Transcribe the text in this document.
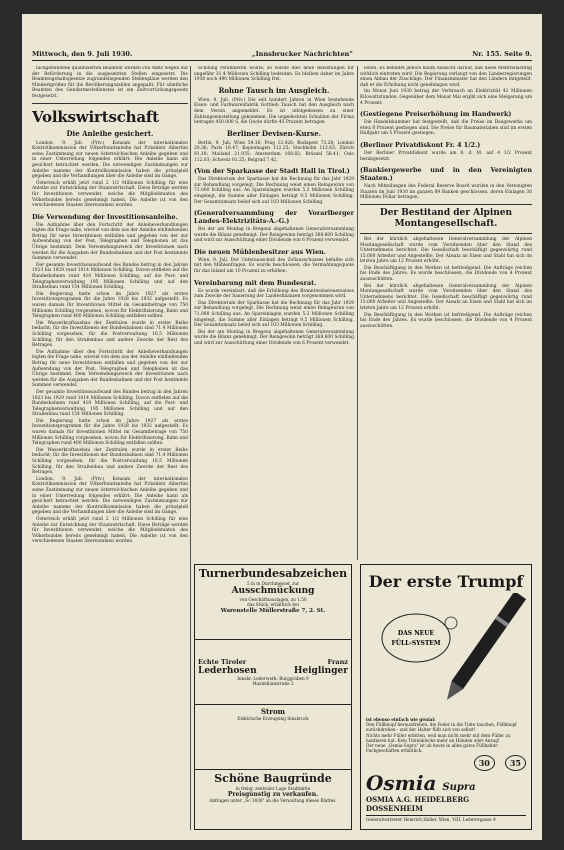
Mittwoch, den 9. Juli 1930.	„Innsbrucker Nachrichten"	Nr. 155. Seite 9.

fachgebundene qualifizierten Beamten werden von Amts wegen mit der Beförderung in die ausgesetzten Stellen eingesetzt. Die Beamtengehaltsgesetze zugrundeliegenden Stellenpläne werden den Mindestgrößen für die Bevölkerungszahlen angepaßt. Für sämtliche Beamten des Gendarmeriedienstes ist ein Zeitvorrückungsgesetz festgesetzt.

Volkswirtschaft
Die Anleihe gesichert.

London, 9. Juli. (Priv.) Konsum der internationalen Kontrollkommission der Völkerbundanleihe hat Präsident Albertini seine Zustimmung zur neuen österreichischen Anleihe gegeben und in einer Unterredung folgendes erklärt: Die Anleihe kann als gesichert betrachtet werden. Die notwendigen Zustimmungen zur Anleihe namens der Kontrollkommission haben die prinzipiell gegeben und die Verhandlungen über die Anleihe sind im Gange.

Österreich erhält jetzt rund 2 1/2 Millionen Schilling für eine Anleihe zur Entwicklung der Staatswirtschaft. Diese Beträge werden für Investitionen verwendet, welche die Mitgliedstaaten des Völkerbundes bereits genehmigt haben. Die Anleihe ist von den verschiedenen Staaten übernommen worden.

Die Verwendung der Investitionsanleihe.

Die Aufnahme über den Fortschritt der Anleiheverhandlungen legten die Frage nahe, wieviel von dem aus der Anleihe einfließenden Betrag für neue Investitionen entfallen und gegeben von der zur Aufwendung von der Post, Telegraphen und Telephonen ist das Übrige bestimmt. Dem Verwendungszweck der Investitionen nach werden für die Ausgaben der Bundesbahnen und der Post bestimmte Summen verwendet.

Der gesamte Investitionsaufwand des Bundes betrug in den Jahren 1923 bis 1929 rund 1014 Millionen Schilling. Davon entfielen auf die Bundesbahnen rund 410 Millionen Schilling, auf die Post- und Telegraphenverwaltung 195 Millionen Schilling und auf den Straßenbau rund 154 Millionen Schilling.

Die Regierung hatte schon im Jahre 1927 als erstes Investitionsprogramm für die Jahre 1928 bis 1932 aufgestellt. Es waren damals für Investitionen Mittel im Gesamtbetrage von 750 Millionen Schilling vorgesehen, wovon für Elektrifizierung, Bahn und Telegraphen rund 400 Millionen Schilling entfallen sollten.

Die Wasserkraftausbau der Zentralen wurde in erster Reihe bedacht; für die Investitionen der Bundesbahnen sind 71.4 Millionen Schilling vorgesehen, für die Postverwaltung 16.5 Millionen Schilling, für den Straßenbau und andere Zwecke der Rest des Betrages.

Die Aufnahme über den Fortschritt der Anleiheverhandlungen legten die Frage nahe, wieviel von dem aus der Anleihe einfließenden Betrag für neue Investitionen entfallen und gegeben von der zur Aufwendung von der Post, Telegraphen und Telephonen ist das Übrige bestimmt. Dem Verwendungszweck der Investitionen nach werden für die Ausgaben der Bundesbahnen und der Post bestimmte Summen verwendet.

Der gesamte Investitionsaufwand des Bundes betrug in den Jahren 1923 bis 1929 rund 1014 Millionen Schilling. Davon entfielen auf die Bundesbahnen rund 410 Millionen Schilling, auf die Post- und Telegraphenverwaltung 195 Millionen Schilling und auf den Straßenbau rund 154 Millionen Schilling.

Die Regierung hatte schon im Jahre 1927 als erstes Investitionsprogramm für die Jahre 1928 bis 1932 aufgestellt. Es waren damals für Investitionen Mittel im Gesamtbetrage von 750 Millionen Schilling vorgesehen, wovon für Elektrifizierung, Bahn und Telegraphen rund 400 Millionen Schilling entfallen sollten.

Die Wasserkraftausbau der Zentralen wurde in erster Reihe bedacht; für die Investitionen der Bundesbahnen sind 71.4 Millionen Schilling vorgesehen, für die Postverwaltung 16.5 Millionen Schilling, für den Straßenbau und andere Zwecke der Rest des Betrages.

London, 9. Juli. (Priv.) Konsum der internationalen Kontrollkommission der Völkerbundanleihe hat Präsident Albertini seine Zustimmung zur neuen österreichischen Anleihe gegeben und in einer Unterredung folgendes erklärt: Die Anleihe kann als gesichert betrachtet werden. Die notwendigen Zustimmungen zur Anleihe namens der Kontrollkommission haben die prinzipiell gegeben und die Verhandlungen über die Anleihe sind im Gange.

Österreich erhält jetzt rund 2 1/2 Millionen Schilling für eine Anleihe zur Entwicklung der Staatswirtschaft. Diese Beträge werden für Investitionen verwendet, welche die Mitgliedstaaten des Völkerbundes bereits genehmigt haben. Die Anleihe ist von den verschiedenen Staaten übernommen worden.

Schilling refundieren wollte, so würde dies neue Belastungen für ungefähr 31.4 Millionen Schilling bedeuten. Es bleiben daher im Jahre 1930 noch 490 Millionen Schilling frei.

Rohne Tausch im Ausgleich.

Wien, 9. Juli. (Priv.) Die seit hundert Jahren in Wien bestehende Eisen- und Farbwarenfabrik Gottlieb Tausch hat den Ausgleich nach dem Verein angemeldet. Es ist infolgedessen zu einer Zahlungseinstellung gekommen. Die ungedeckten Schulden der Firma betragen 450.000 S, die Quote dürfte 45 Prozent betragen.

Berliner Devisen-Kurse.

Berlin, 9. Juli. Wien 59.16; Prag 12.426; Budapest 73.28; London 20.36; Paris 16.47; Kopenhagen 112.25; Stockholm 112.63; Zürich 81.18; Mailand 21.935; Amsterdam 168.82; Brüssel 58.41; Oslo 112.03; Schweiz 81.25; Belgrad 7.42.

(Von der Sparkasse der Stadt Hall in Tirol.)

Das Direktorium der Sparkasse hat die Rechnung für das Jahr 1929 zur Behandlung vorgelegt. Die Rechnung weist einen Reingewinn von 71.000 Schilling aus. An Spareinlagen wurden 5.3 Millionen Schilling eingelegt, die Summe aller Einlagen beträgt 9.5 Millionen Schilling. Der Gesamtumsatz belief sich auf 103 Millionen Schilling.

(Generalversammlung der Vorarlberger Landes-Elektrizitäts-A.-G.)

Bei der am Montag in Bregenz abgehaltenen Generalversammlung wurde die Bilanz genehmigt. Der Reingewinn beträgt 368.600 Schilling und wird zur Ausschüttung einer Dividende von 6 Prozent verwendet.

Die neuen Mühlenbesitzer aus Wien.

Wien, 9. Juli. Der Unterausschuß des Zollausschusses befaßte sich mit den Mühlenfragen. Es wurde beschlossen, die Vermahlungsquote für das Inland um 10 Prozent zu erhöhen.

Vereinbarung mit dem Bundesrat.

Es wurde vereinbart, daß die Erhöhung des Branntweinsteuersatzes zum Zwecke der Sanierung der Landesfinanzen vorgenommen wird.

Das Direktorium der Sparkasse hat die Rechnung für das Jahr 1929 zur Behandlung vorgelegt. Die Rechnung weist einen Reingewinn von 71.000 Schilling aus. An Spareinlagen wurden 5.3 Millionen Schilling eingelegt, die Summe aller Einlagen beträgt 9.5 Millionen Schilling. Der Gesamtumsatz belief sich auf 103 Millionen Schilling.

Bei der am Montag in Bregenz abgehaltenen Generalversammlung wurde die Bilanz genehmigt. Der Reingewinn beträgt 368.600 Schilling und wird zur Ausschüttung einer Dividende von 6 Prozent verwendet.

leben. Es befindet jedoch kaum Aussicht darauf, daß diese Mehrbelastung wirklich eintreten wird. Die Regierung verlangt von den Landesregierungen einen Abbau der Zuschläge. Der Finanzminister hat den Ländern mitgeteilt, daß er die Erhöhung nicht genehmigen wird.

Im Monat Juni 1930 betrug der Verbrauch an Elektrizität 42 Millionen Kilowattstunden. Gegenüber dem Monat Mai ergibt sich eine Steigerung um 4 Prozent.

(Gestiegene Preiserhöhung im Handwerk)

Die Handelskammer hat festgestellt, daß die Preise im Baugewerbe um etwa 8 Prozent gestiegen sind. Die Preise für Baumaterialien sind im ersten Halbjahr um 5 Prozent gestiegen.

(Berliner Privatdiskont Fr. 4 1/2.)

Der Berliner Privatdiskont wurde am 8. d. M. auf 4 1/2 Prozent herabgesetzt.

(Bankiergewerbe und in den Vereinigten Staaten.)

Nach Mitteilungen des Federal Reserve Board wurden in den Vereinigten Staaten im Juni 1930 im ganzen 89 Banken geschlossen, deren Einlagen 36 Millionen Dollar betragen.

Der Bestitand der Alpinen Montangesellschaft.

Bei der kürzlich abgehaltenen Generalversammlung der Alpinen Montangesellschaft wurde vom Vorsitzenden über den Stand des Unternehmens berichtet. Die Gesellschaft beschäftigt gegenwärtig rund 15.000 Arbeiter und Angestellte. Der Absatz an Eisen und Stahl hat sich im letzten Jahre um 12 Prozent erhöht.

Die Beschäftigung in den Werken ist befriedigend. Die Aufträge reichen bis Ende des Jahres. Es wurde beschlossen, die Dividende von 4 Prozent auszuschütten.

Bei der kürzlich abgehaltenen Generalversammlung der Alpinen Montangesellschaft wurde vom Vorsitzenden über den Stand des Unternehmens berichtet. Die Gesellschaft beschäftigt gegenwärtig rund 15.000 Arbeiter und Angestellte. Der Absatz an Eisen und Stahl hat sich im letzten Jahre um 12 Prozent erhöht.

Die Beschäftigung in den Werken ist befriedigend. Die Aufträge reichen bis Ende des Jahres. Es wurde beschlossen, die Dividende von 4 Prozent auszuschütten.

Turnerbundesabzeichen
5 in m Durchmesser, zur
Ausschmückung
von Geschäftsauslagen, zu 1.50
das Stück, erhältlich bei
Warenstelle Müllerstraße 7, 2. St.
Echte Tiroler	Franz
Lederhosen	Heiglinger
Innsbr.-Lederwerk: Burggraben 9
Maximilianstraße 2
Strom
Elektrische Erzeugung Innsbruck
Schöne Baugründe
in freier, zentraler Lage Stadtmitte
Preisgünstig zu verkaufen.
Anfragen unter „Sc 3838" an die Verwaltung dieses Blattes.
Der erste Trumpf
DAS NEUE
FÜLL-SYSTEM
ist ebenso einfach wie genial:
Den Füllknopf herausdrehen, die Feder in die Tinte tauchen, Füllknopf zurückdrehen - und der Halter füllt sich von selbst!
Nichts mehr Füller erbitten, weil man nicht mehr mit dem Füller zu hantieren hat. Kein Tintenklecks mehr an Händen oder Anzug!
Der neue „Osmia-Supra" ist ab heute in allen gutes Füllhalter-Fachgeschäften erhältlich.
30	35
Osmia Supra
OSMIA A.G. HEIDELBERG DOSSENHEIM
Generalvertreter Heinrich Haller, Wien, VIII, Lederergasse 9
